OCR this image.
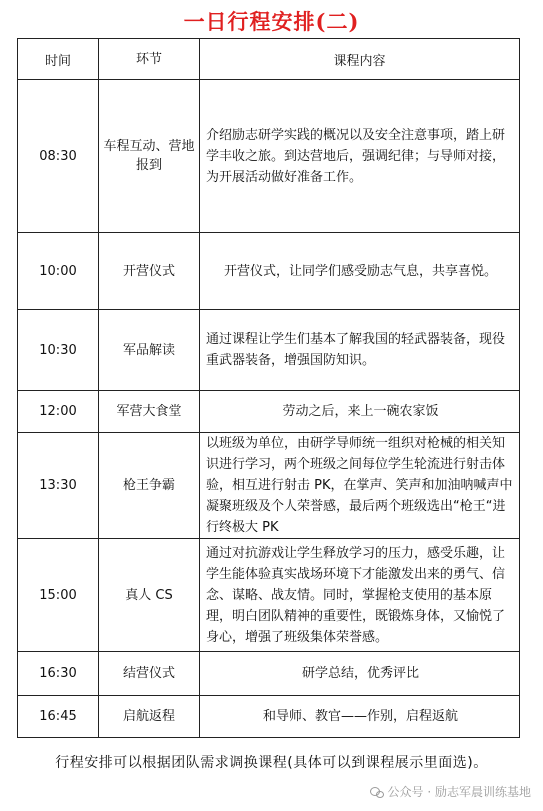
一日行程安排(二)
时间	环节	课程内容
08:30	车程互动、营地 报到	介绍励志研学实践的概况以及安全注意事项，踏上研学丰收之旅。到达营地后，强调纪律；与导师对接，为开展活动做好准备工作。
10:00	开营仪式	开营仪式，让同学们感受励志气息，共享喜悦。
10:30	军品解读	通过课程让学生们基本了解我国的轻武器装备，现役重武器装备，增强国防知识。
12:00	军营大食堂	劳动之后，来上一碗农家饭
13:30	枪王争霸	以班级为单位，由研学导师统一组织对枪械的相关知识进行学习，两个班级之间每位学生轮流进行射击体验，相互进行射击 PK，在掌声、笑声和加油呐喊声中凝聚班级及个人荣誉感，最后两个班级选出“枪王“进行终极大 PK
15:00	真人 CS	通过对抗游戏让学生释放学习的压力，感受乐趣，让学生能体验真实战场环境下才能激发出来的勇气、信念、谋略、战友情。同时，掌握枪支使用的基本原理，明白团队精神的重要性，既锻炼身体，又愉悦了身心，增强了班级集体荣誉感。
16:30	结营仪式	研学总结，优秀评比
16:45	启航返程	和导师、教官——作别，启程返航
行程安排可以根据团队需求调换课程(具体可以到课程展示里面选)。
公众号 · 励志军晨训练基地
